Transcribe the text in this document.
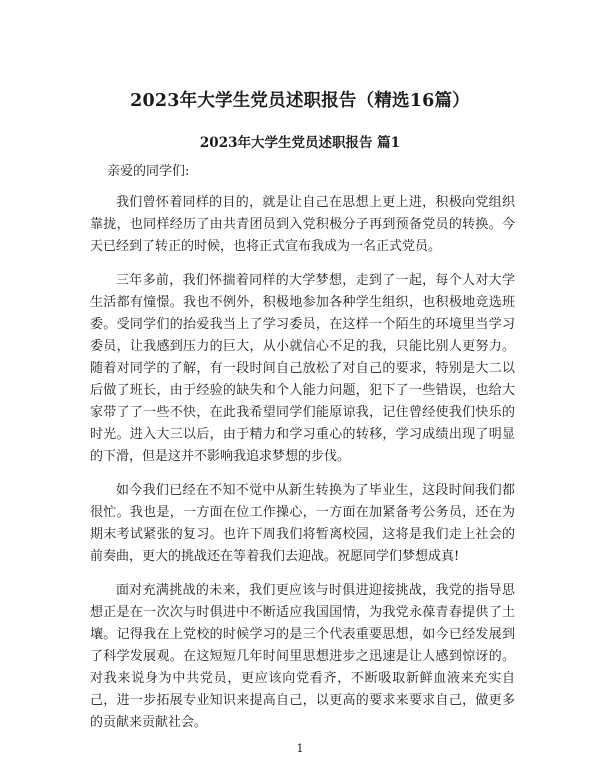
2023年大学生党员述职报告（精选16篇）
2023年大学生党员述职报告 篇1

亲爱的同学们:

我们曾怀着同样的目的，就是让自己在思想上更上进，积极向党组织靠拢，也同样经历了由共青团员到入党积极分子再到预备党员的转换。今天已经到了转正的时候，也将正式宣布我成为一名正式党员。

三年多前，我们怀揣着同样的大学梦想，走到了一起，每个人对大学生活都有憧憬。我也不例外，积极地参加各种学生组织，也积极地竞选班委。受同学们的抬爱我当上了学习委员，在这样一个陌生的环境里当学习委员，让我感到压力的巨大，从小就信心不足的我，只能比别人更努力。随着对同学的了解，有一段时间自己放松了对自己的要求，特别是大二以后做了班长，由于经验的缺失和个人能力问题，犯下了一些错误，也给大家带了了一些不快，在此我希望同学们能原谅我，记住曾经使我们快乐的时光。进入大三以后，由于精力和学习重心的转移，学习成绩出现了明显的下滑，但是这并不影响我追求梦想的步伐。

如今我们已经在不知不觉中从新生转换为了毕业生，这段时间我们都很忙。我也是，一方面在位工作操心，一方面在加紧备考公务员，还在为期末考试紧张的复习。也许下周我们将暂离校园，这将是我们走上社会的前奏曲，更大的挑战还在等着我们去迎战。祝愿同学们梦想成真!

面对充满挑战的未来，我们更应该与时俱进迎接挑战，我党的指导思想正是在一次次与时俱进中不断适应我国国情，为我党永葆青春提供了土壤。记得我在上党校的时候学习的是三个代表重要思想，如今已经发展到了科学发展观。在这短短几年时间里思想进步之迅速是让人感到惊讶的。对我来说身为中共党员，更应该向党看齐，不断吸取新鲜血液来充实自己，进一步拓展专业知识来提高自己，以更高的要求来要求自己，做更多的贡献来贡献社会。

1
